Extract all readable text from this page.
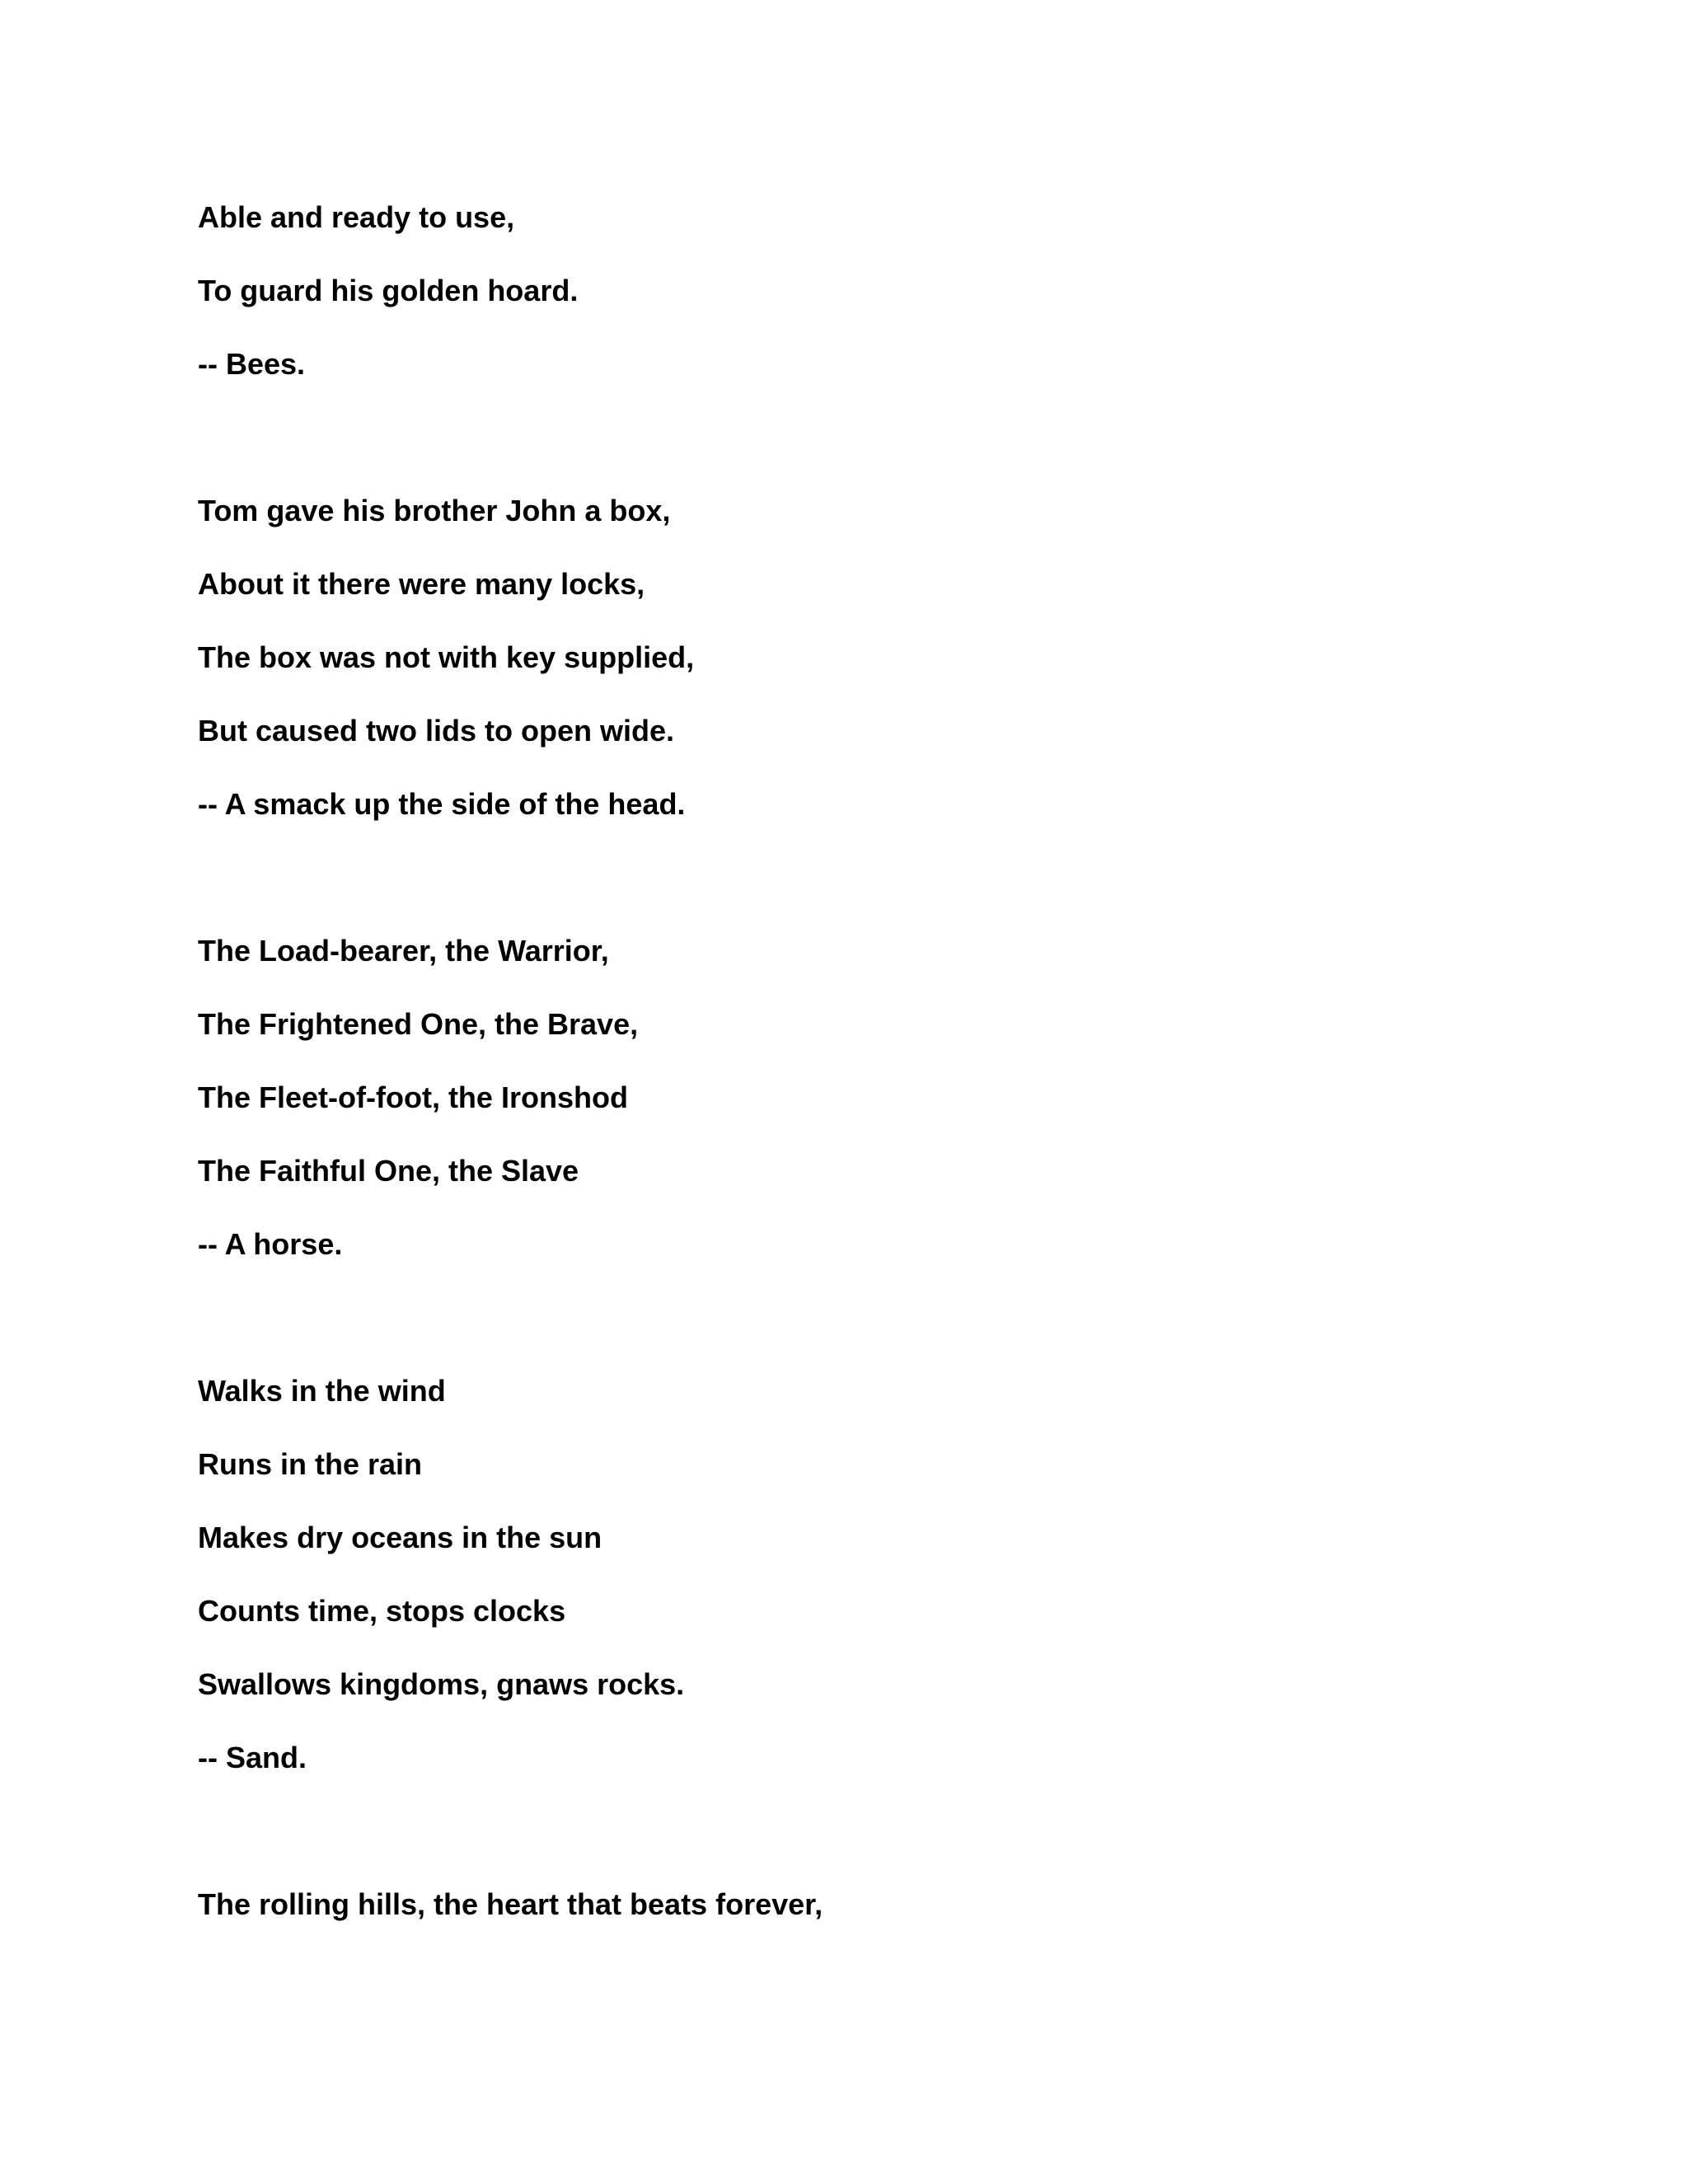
Able and ready to use,

To guard his golden hoard.

-- Bees.

Tom gave his brother John a box,

About it there were many locks,

The box was not with key supplied,

But caused two lids to open wide.

-- A smack up the side of the head.

The Load-bearer, the Warrior,

The Frightened One, the Brave,

The Fleet-of-foot, the Ironshod

The Faithful One, the Slave

-- A horse.

Walks in the wind

Runs in the rain

Makes dry oceans in the sun

Counts time, stops clocks

Swallows kingdoms, gnaws rocks.

-- Sand.

The rolling hills, the heart that beats forever,
